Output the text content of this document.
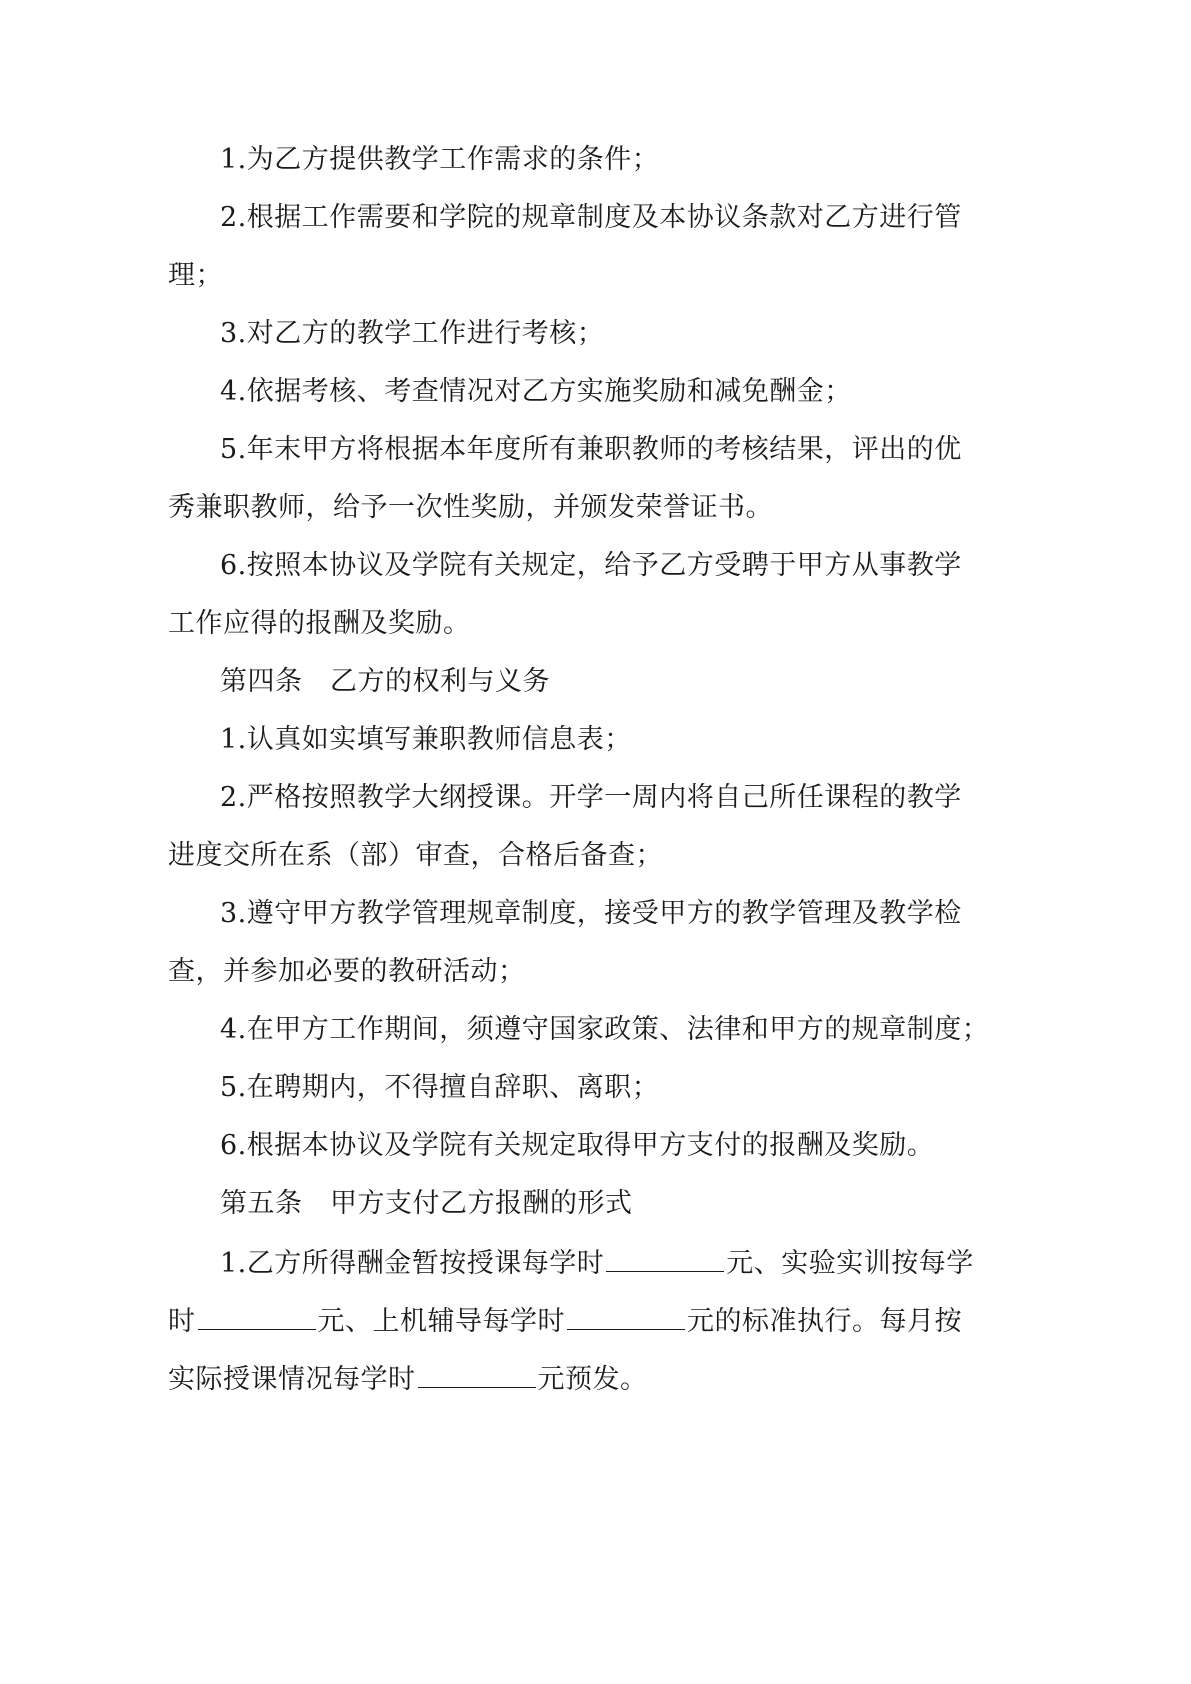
1.为乙方提供教学工作需求的条件；
2.根据工作需要和学院的规章制度及本协议条款对乙方进行管
理；
3.对乙方的教学工作进行考核；
4.依据考核、考查情况对乙方实施奖励和减免酬金；
5.年末甲方将根据本年度所有兼职教师的考核结果，评出的优
秀兼职教师，给予一次性奖励，并颁发荣誉证书。
6.按照本协议及学院有关规定，给予乙方受聘于甲方从事教学
工作应得的报酬及奖励。
第四条　乙方的权利与义务
1.认真如实填写兼职教师信息表；
2.严格按照教学大纲授课。开学一周内将自己所任课程的教学
进度交所在系（部）审查，合格后备查；
3.遵守甲方教学管理规章制度，接受甲方的教学管理及教学检
查，并参加必要的教研活动；
4.在甲方工作期间，须遵守国家政策、法律和甲方的规章制度；
5.在聘期内，不得擅自辞职、离职；
6.根据本协议及学院有关规定取得甲方支付的报酬及奖励。
第五条　甲方支付乙方报酬的形式
1.乙方所得酬金暂按授课每学时	元、实验实训按每学
时	元、上机辅导每学时	元的标准执行。每月按
实际授课情况每学时	元预发。
